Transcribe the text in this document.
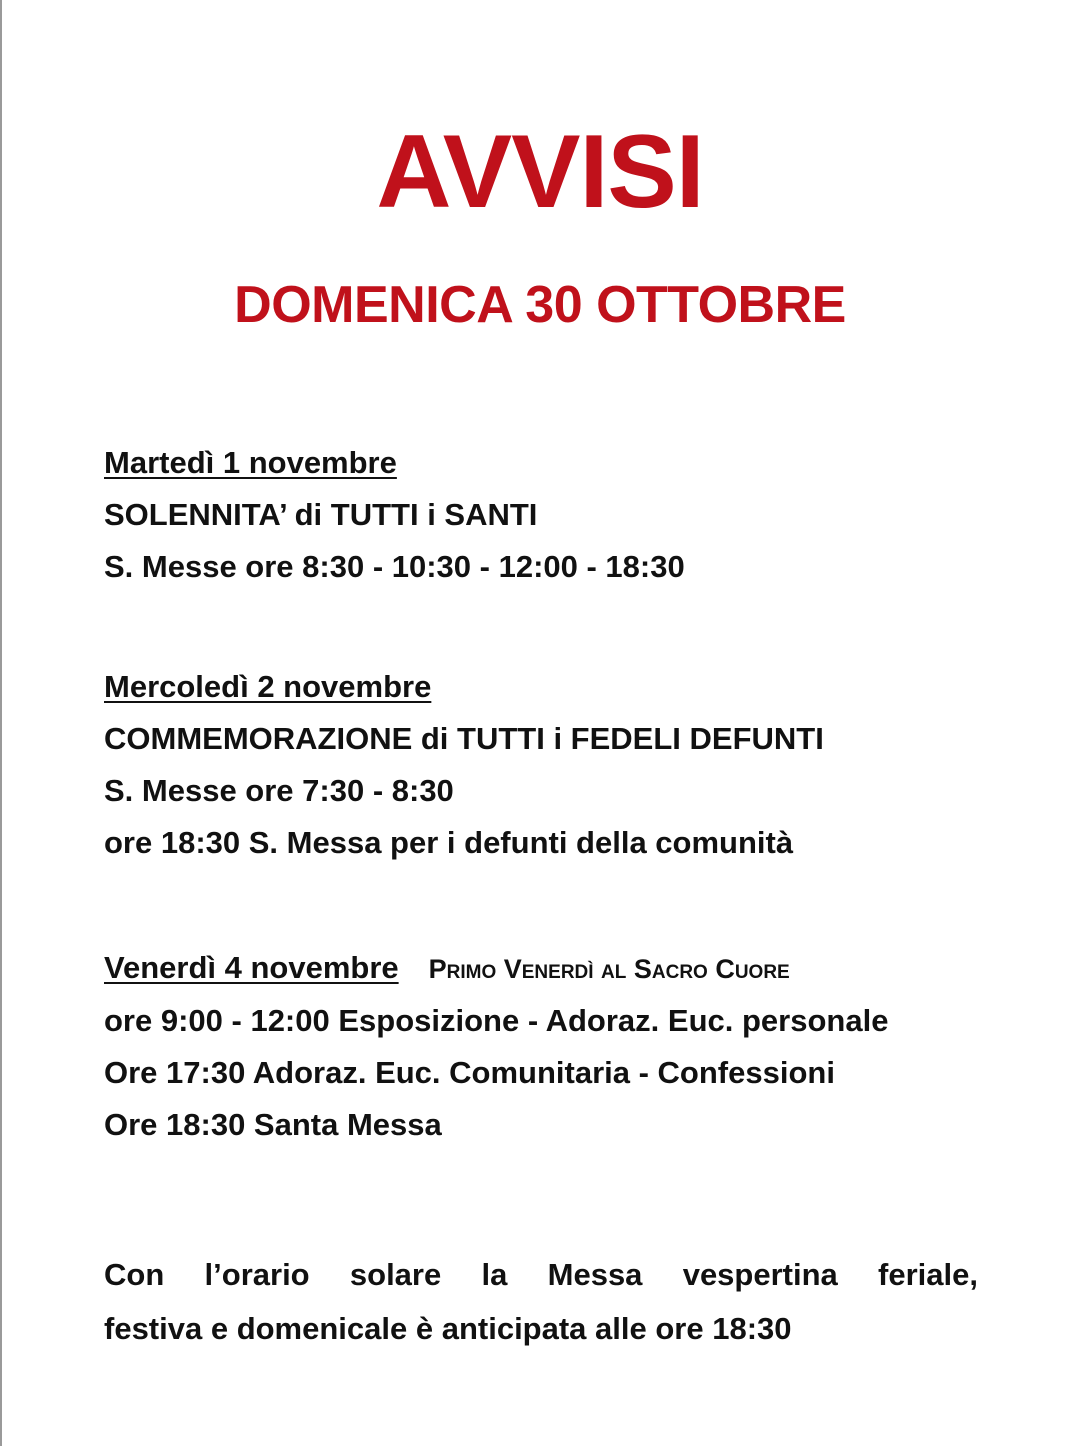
AVVISI
DOMENICA 30 OTTOBRE
Martedì 1 novembre
SOLENNITA’ di TUTTI i SANTI
S. Messe ore 8:30 - 10:30 - 12:00 - 18:30
Mercoledì 2 novembre
COMMEMORAZIONE di TUTTI i FEDELI DEFUNTI
S. Messe ore 7:30 - 8:30
ore 18:30 S. Messa per i defunti della comunità
Venerdì 4 novembre Primo Venerdì al Sacro Cuore
ore 9:00 - 12:00 Esposizione - Adoraz. Euc. personale
Ore 17:30 Adoraz. Euc. Comunitaria - Confessioni
Ore 18:30 Santa Messa
Con l’orario solare la Messa vespertina feriale,
festiva e domenicale è anticipata alle ore 18:30
